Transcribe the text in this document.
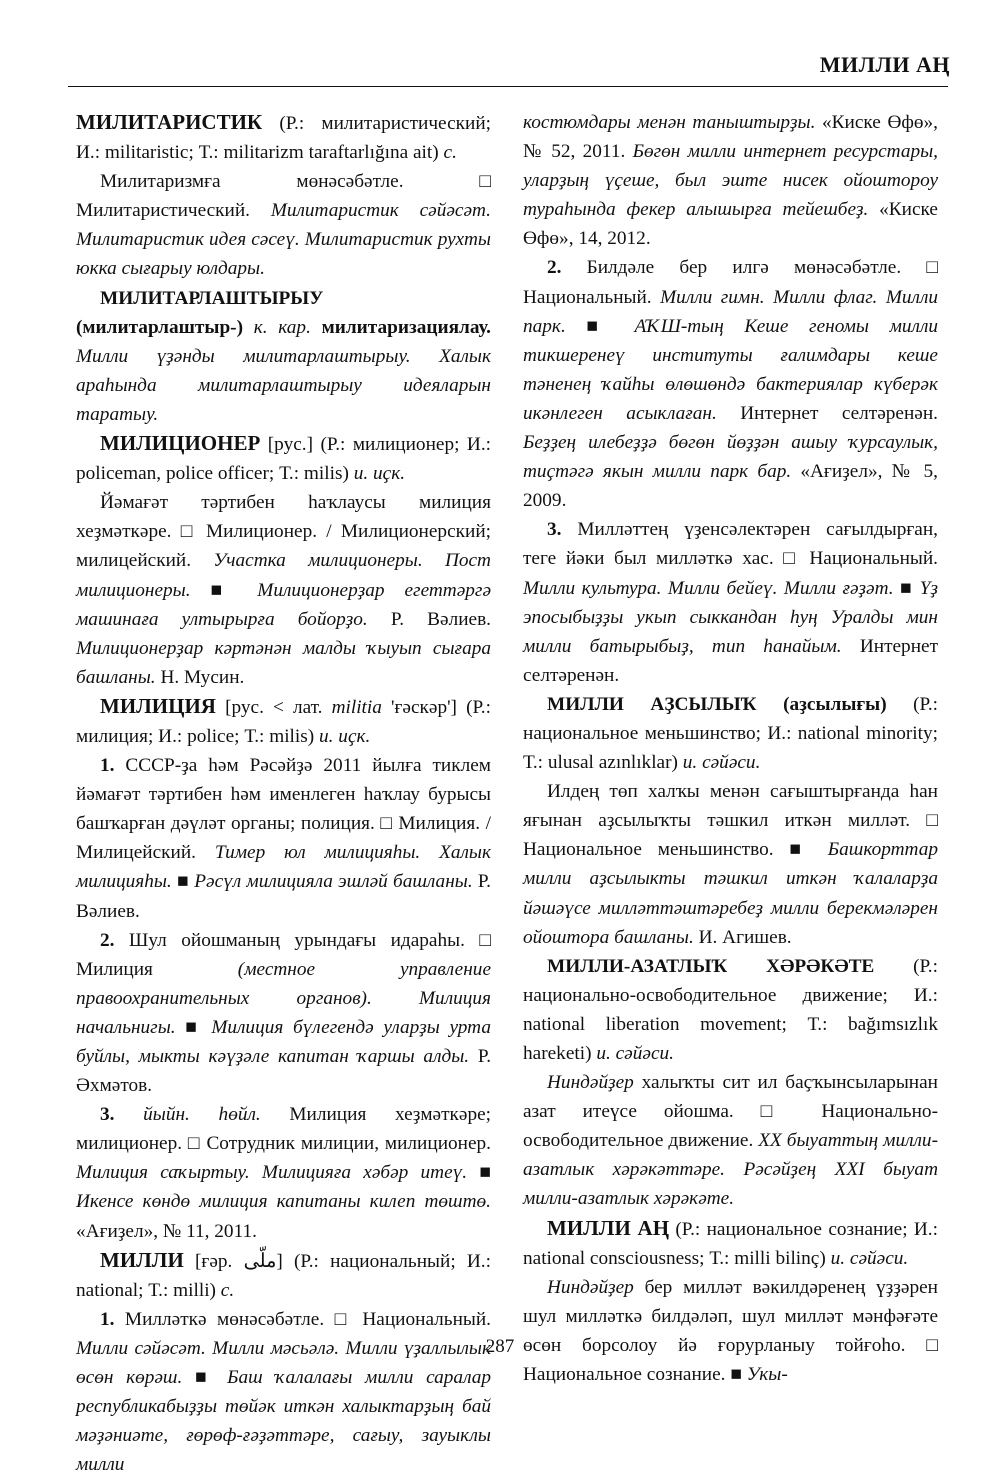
МИЛЛИ АҢ

МИЛИТАРИСТИК (Р.: милитаристический; И.: militaristic; Т.: militarizm taraftarlığına ait) с.

Милитаризмға мөнәсәбәтле. □ Милитаристический. Милитаристик сәйәсәт. Милитаристик идея сәсеү. Милитаристик рухты юкка сығарыу юлдары.

МИЛИТАРЛАШТЫРЫУ (милитарлаштыр-) к. кар. милитаризациялау. Милли үҙәнды милитарлаштырыу. Халык араһында милитарлаштырыу идеяларын таратыу.

МИЛИЦИОНЕР [рус.] (Р.: милиционер; И.: policeman, police officer; Т.: milis) и. иҫк.

Йәмағәт тәртибен һаҡлаусы милиция хеҙмәткәре. □ Милиционер. / Милиционерский; милицейский. Участка милиционеры. Пост милиционеры. ■ Милиционерҙар егеттәргә машинаға ултырырға бойорҙо. Р. Вәлиев. Милиционерҙар кәртәнән малды ҡыуып сығара башланы. Н. Мусин.

МИЛИЦИЯ [рус. < лат. militia 'ғәскәр'] (Р.: милиция; И.: police; Т.: milis) и. иҫк.

1. СССР-ҙа һәм Рәсәйҙә 2011 йылға тиклем йәмағәт тәртибен һәм именлеген һаҡлау бурысы башҡарған дәүләт органы; полиция. □ Милиция. / Милицейский. Тимер юл милицияһы. Халык милицияһы. ■ Рәсүл милицияла эшләй башланы. Р. Вәлиев.

2. Шул ойошманың урындағы идараһы. □ Милиция (местное управление правоохранительных органов). Милиция начальнигы. ■ Милиция бүлегендә уларҙы урта буйлы, мыкты кәүҙәле капитан ҡаршы алды. Р. Әхмәтов.

3. йыйн. һөйл. Милиция хеҙмәткәре; милиционер. □ Сотрудник милиции, милиционер. Милиция саҡыртыу. Милицияға хәбәр итеү. ■ Икенсе көндө милиция капитаны килеп төштө. «Ағиҙел», № 11, 2011.

МИЛЛИ [ғәр. ملّی] (Р.: национальный; И.: national; Т.: milli) с.

1. Милләткә мөнәсәбәтле. □ Национальный. Милли сәйәсәт. Милли мәсьәлә. Милли үҙаллылык өсөн көрәш. ■ Баш ҡалалағы милли саралар республикабыҙҙы төйәк иткән халыктарҙың бай мәҙәниәте, ғөрөф-ғәҙәттәре, сағыу, зауыклы милли

костюмдары менән таныштырҙы. «Киске Өфө», № 52, 2011. Бөгөн милли интернет ресурстары, уларҙың үҫеше, был эште нисек ойоштороу тураһында фекер алышырға тейешбеҙ. «Киске Өфө», 14, 2012.

2. Билдәле бер илгә мөнәсәбәтле. □ Национальный. Милли гимн. Милли флаг. Милли парк. ■ АҠШ-тың Кеше геномы милли тикшеренеү институты ғалимдары кеше тәненең ҡайһы өлөшөндә бактериялар күберәк икәнлеген асыклаған. Интернет селтәренән. Беҙҙең илебеҙҙә бөгөн йөҙҙән ашыу ҡурсаулык, тиҫтәгә якын милли парк бар. «Ағиҙел», № 5, 2009.

3. Милләттең үҙенсәлектәрен сағылдырған, теге йәки был милләткә хас. □ Национальный. Милли культура. Милли бейеү. Милли ғәҙәт. ■ Үҙ эпосыбыҙҙы укып сыккандан һуң Уралды мин милли батырыбыҙ, тип һанайым. Интернет селтәренән.

МИЛЛИ АҘСЫЛЫҠ (аҙсылығы) (Р.: национальное меньшинство; И.: national minority; Т.: ulusal azınlıklar) и. сәйәси.

Илдең төп халҡы менән сағыштырғанда һан яғынан аҙсылыҡты тәшкил иткән милләт. □ Национальное меньшинство. ■ Башкорттар милли аҙсылыкты тәшкил иткән ҡалаларҙа йәшәүсе милләттәштәребеҙ милли берекмәләрен ойоштора башланы. И. Агишев.

МИЛЛИ-АЗАТЛЫҠ ХӘРӘКӘТЕ (Р.: национально-освободительное движение; И.: national liberation movement; Т.: bağımsızlık hareketi) и. сәйәси.

Ниндәйҙер халыҡты сит ил баҫҡынсыларынан азат итеүсе ойошма. □ Национально-освободительное движение. XX быуаттың милли-азатлык хәрәкәттәре. Рәсәйҙең XXI быуат милли-азатлык хәрәкәте.

МИЛЛИ АҢ (Р.: национальное сознание; И.: national consciousness; Т.: milli bilinç) и. сәйәси.

Ниндәйҙер бер милләт вәкилдәренең үҙҙәрен шул милләткә билдәләп, шул милләт мәнфәғәте өсөн борсолоу йә ғорурланыу тойғоһо. □ Национальное сознание. ■ Укы-

287
